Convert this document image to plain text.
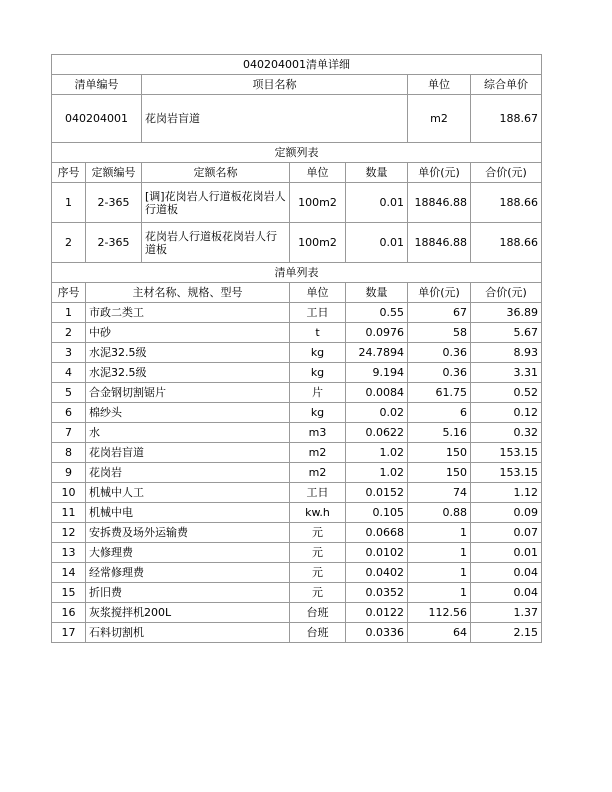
040204001清单详细						
清单编号		项目名称			单位	综合单价
040204001		花岗岩盲道			m2	188.67
定额列表						
序号	定额编号	定额名称	单位	数量	单价(元)	合价(元)
1	2-365	[调]花岗岩人行道板花岗岩人行道板	100m2	0.01	18846.88	188.66
2	2-365	花岗岩人行道板花岗岩人行道板	100m2	0.01	18846.88	188.66
清单列表						
序号	主材名称、规格、型号		单位	数量	单价(元)	合价(元)
1	市政二类工		工日	0.55	67	36.89
2	中砂		t	0.0976	58	5.67
3	水泥32.5级		kg	24.7894	0.36	8.93
4	水泥32.5级		kg	9.194	0.36	3.31
5	合金钢切割锯片		片	0.0084	61.75	0.52
6	棉纱头		kg	0.02	6	0.12
7	水		m3	0.0622	5.16	0.32
8	花岗岩盲道		m2	1.02	150	153.15
9	花岗岩		m2	1.02	150	153.15
10	机械中人工		工日	0.0152	74	1.12
11	机械中电		kw.h	0.105	0.88	0.09
12	安拆费及场外运输费		元	0.0668	1	0.07
13	大修理费		元	0.0102	1	0.01
14	经常修理费		元	0.0402	1	0.04
15	折旧费		元	0.0352	1	0.04
16	灰浆搅拌机200L		台班	0.0122	112.56	1.37
17	石料切割机		台班	0.0336	64	2.15
